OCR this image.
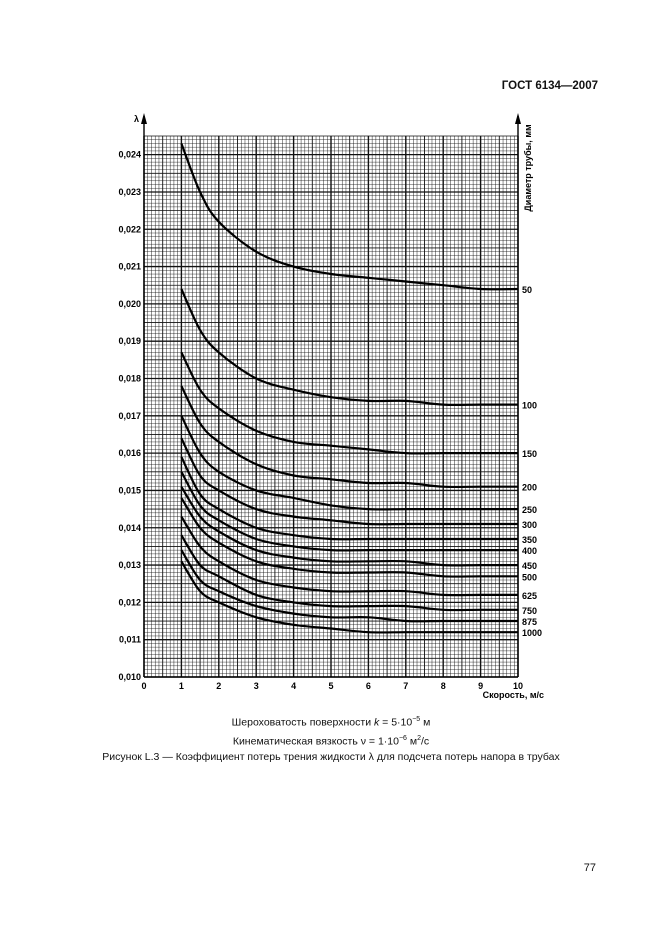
ГОСТ 6134—2007
0	1	2	3	4	5	6	7	8	9	10
0,010
0,011
0,012
0,013
0,014
0,015
0,016
0,017
0,018
0,019
0,020
0,021
0,022
0,023
0,024
λ
Скорость, м/с
Диаметр трубы, мм
50
100
150
200
250
300
350
400
450
500
625
750
875
1000
Шероховатость поверхности $k = 5\cdot 10^{-5}$ м
Кинематическая вязкость $\nu = 1\cdot 10^{-6}$ $м^2/с$
Рисунок L.3 — Коэффициент потерь трения жидкости λ для подсчета потерь напора в трубах
77
